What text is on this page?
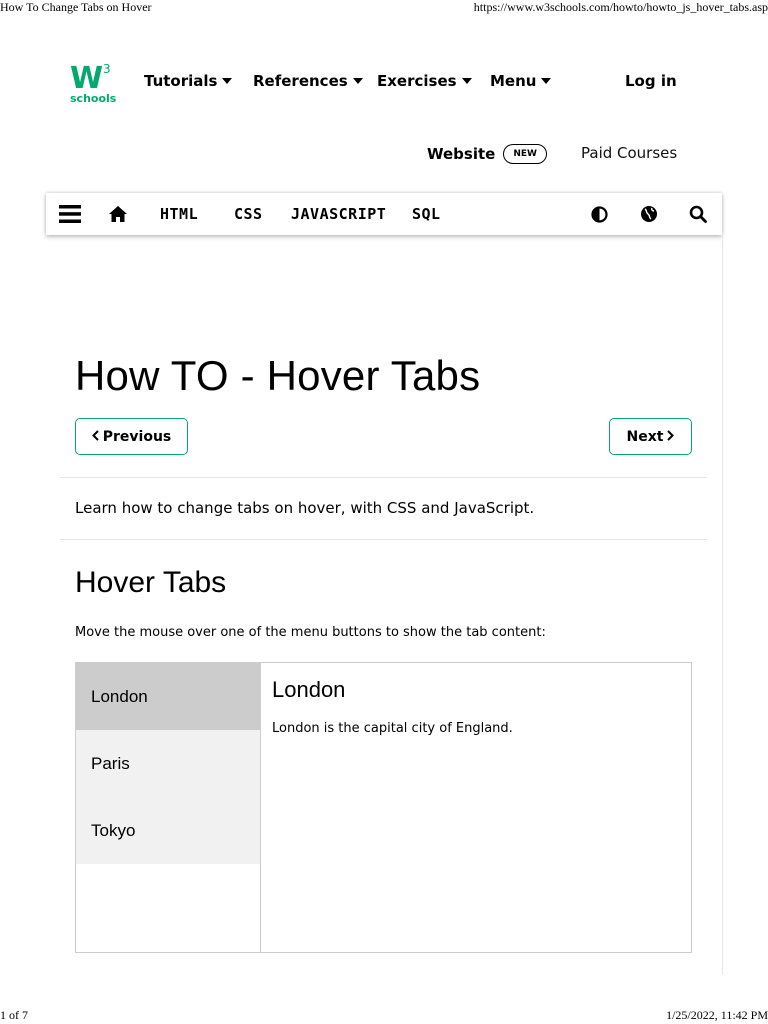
How To Change Tabs on Hover	https://www.w3schools.com/howto/howto_js_hover_tabs.asp
W 3
schools
Tutorials References Exercises Menu	Log in
Website	NEW	Paid Courses
HTML CSS JAVASCRIPT SQL
How TO - Hover Tabs
Previous	Next
Learn how to change tabs on hover, with CSS and JavaScript.
Hover Tabs
Move the mouse over one of the menu buttons to show the tab content:
London
Paris
Tokyo
London

London is the capital city of England.

1 of 7	1/25/2022, 11:42 PM
